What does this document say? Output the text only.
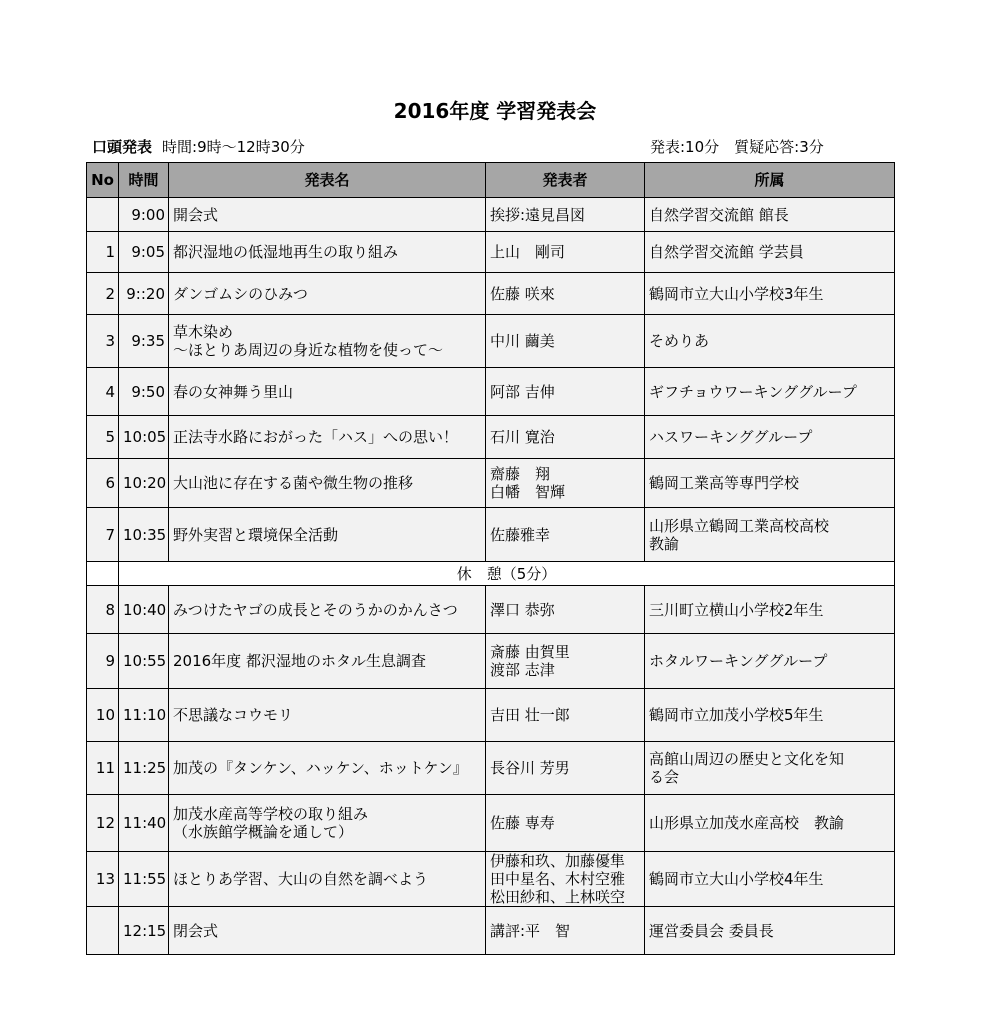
2016年度 学習発表会
口頭発表 時間:9時～12時30分	発表:10分　質疑応答:3分
No	時間	発表名	発表者	所属
	9:00	開会式	挨拶:遠見昌図	自然学習交流館 館長

1	9:05	都沢湿地の低湿地再生の取り組み	上山　剛司	自然学習交流館 学芸員

2	9::20	ダンゴムシのひみつ	佐藤 咲來	鶴岡市立大山小学校3年生

3	9:35	草木染め
～ほとりあ周辺の身近な植物を使って～	中川 繭美	そめりあ

4	9:50	春の女神舞う里山	阿部 吉伸	ギフチョウワーキンググループ

5	10:05	正法寺水路におがった「ハス」への思い！	石川 寛治	ハスワーキンググループ

6	10:20	大山池に存在する菌や微生物の推移	齋藤　翔
白幡　智輝	鶴岡工業高等専門学校

7	10:35	野外実習と環境保全活動	佐藤雅幸	山形県立鶴岡工業高校高校
教諭

	休　憩（5分）			
8	10:40	みつけたヤゴの成長とそのうかのかんさつ	澤口 恭弥	三川町立横山小学校2年生

9	10:55	2016年度 都沢湿地のホタル生息調査	斎藤 由賀里
渡部 志津	ホタルワーキンググループ

10	11:10	不思議なコウモリ	吉田 壮一郎	鶴岡市立加茂小学校5年生

11	11:25	加茂の『タンケン、ハッケン、ホットケン』	長谷川 芳男	高館山周辺の歴史と文化を知
る会

12	11:40	加茂水産高等学校の取り組み
（水族館学概論を通して）	佐藤 専寿	山形県立加茂水産高校　教諭

13	11:55	ほとりあ学習、大山の自然を調べよう	伊藤和玖、加藤優隼
田中星名、木村空雅
松田紗和、上林咲空	鶴岡市立大山小学校4年生

	12:15	閉会式	講評:平　智	運営委員会 委員長
